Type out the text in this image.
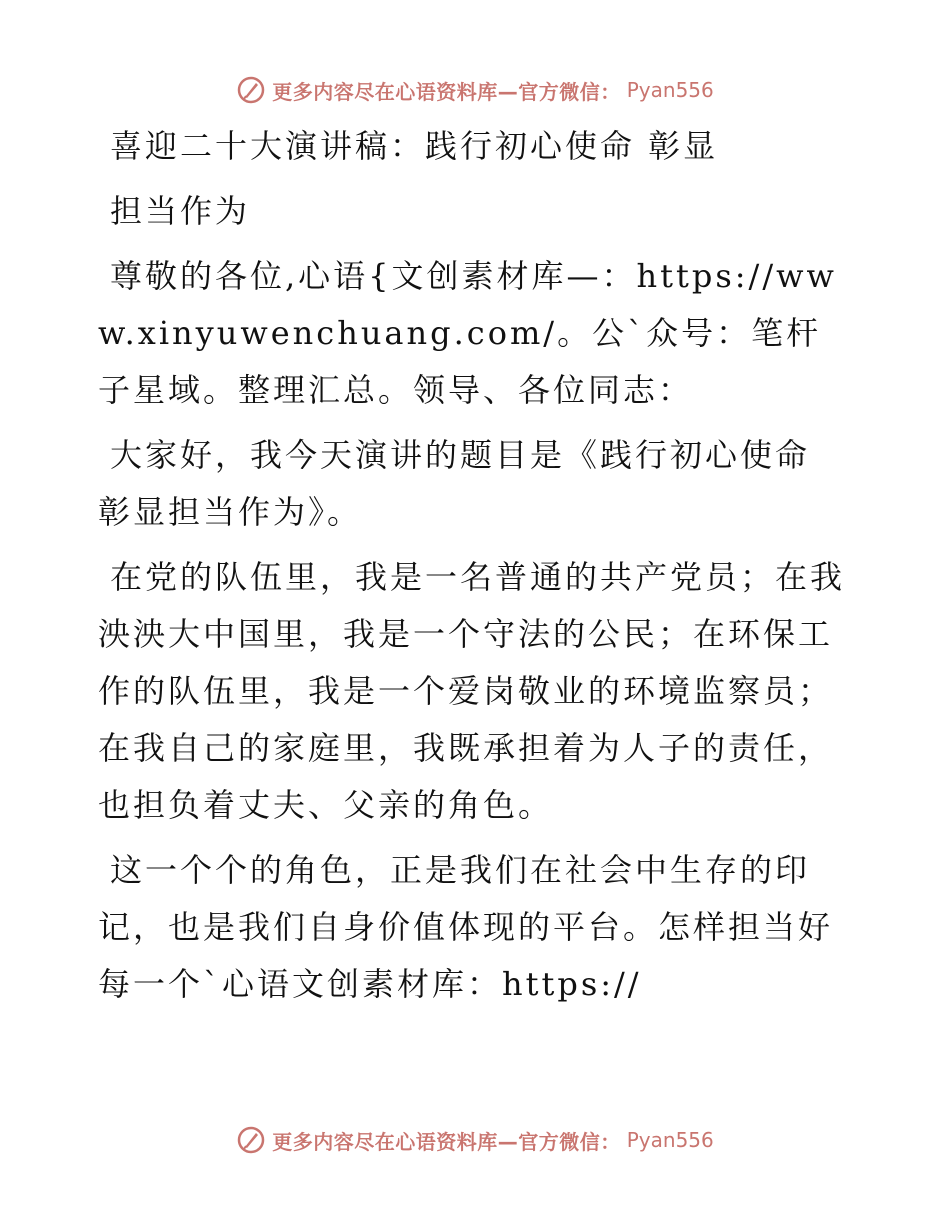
更多内容尽在心语资料库—官方微信： Pyan556

喜迎二十大演讲稿：践行初心使命 彰显

担当作为

尊敬的各位,心语{文创素材库—：https://www.xinyuwenchuang.com/。公`众号：笔杆子星域。整理汇总。领导、各位同志：

大家好，我今天演讲的题目是《践行初心使命 彰显担当作为》。

在党的队伍里，我是一名普通的共产党员；在我泱泱大中国里，我是一个守法的公民；在环保工作的队伍里，我是一个爱岗敬业的环境监察员；在我自己的家庭里，我既承担着为人子的责任，也担负着丈夫、父亲的角色。

这一个个的角色，正是我们在社会中生存的印记，也是我们自身价值体现的平台。怎样担当好每一个`心语文创素材库：https://

更多内容尽在心语资料库—官方微信： Pyan556
